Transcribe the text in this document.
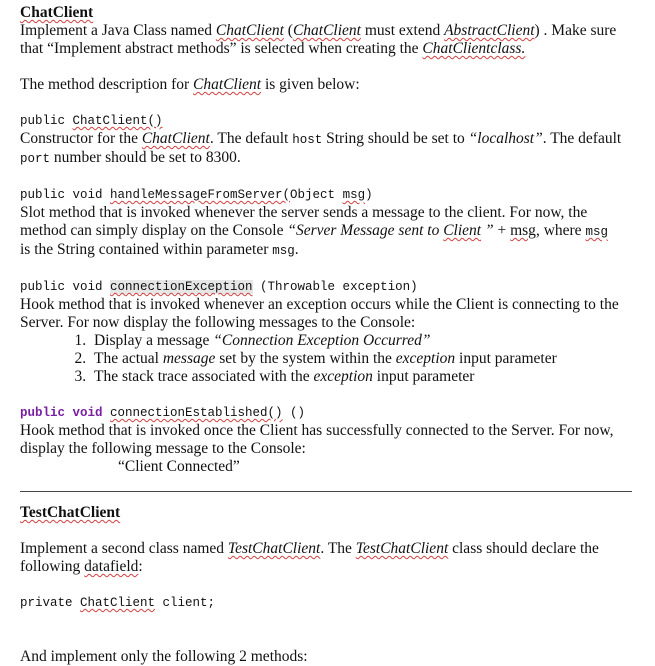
ChatClient

Implement a Java Class named ChatClient (ChatClient must extend AbstractClient) . Make sure
that “Implement abstract methods” is selected when creating the ChatClientclass.

The method description for ChatClient is given below:

public ChatClient()

Constructor for the ChatClient. The default host String should be set to “localhost”. The default
port number should be set to 8300.

public void handleMessageFromServer(Object msg)

Slot method that is invoked whenever the server sends a message to the client. For now, the
method can simply display on the Console “Server Message sent to Client ” + msg, where msg
is the String contained within parameter msg.

public void connectionException (Throwable exception)

Hook method that is invoked whenever an exception occurs while the Client is connecting to the
Server. For now display the following messages to the Console:

1. Display a message “Connection Exception Occurred”
2. The actual message set by the system within the exception input parameter
3. The stack trace associated with the exception input parameter

public void connectionEstablished() ()

Hook method that is invoked once the Client has successfully connected to the Server. For now,
display the following message to the Console:

“Client Connected”

TestChatClient

Implement a second class named TestChatClient. The TestChatClient class should declare the
following datafield:

private ChatClient client;

And implement only the following 2 methods:
